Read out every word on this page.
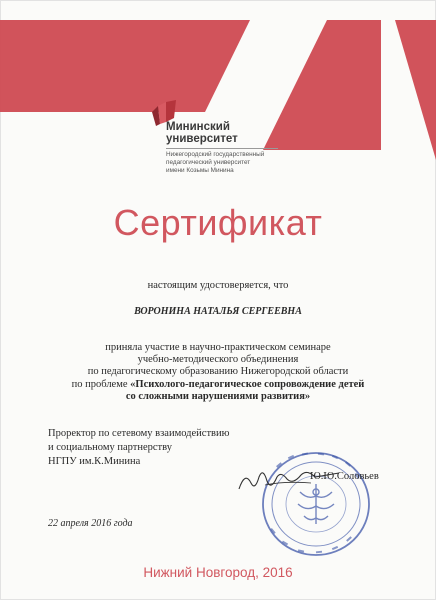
Мининский
университет
Нижегородский государственный
педагогический университет
имени Козьмы Минина
Сертификат
настоящим удостоверяется, что
ВОРОНИНА НАТАЛЬЯ СЕРГЕЕВНА
приняла участие в научно-практическом семинаре
учебно-методического объединения
по педагогическому образованию Нижегородской области
по проблеме «Психолого-педагогическое сопровождение детей
со сложными нарушениями развития»
Проректор по сетевому взаимодействию
и социальному партнерству
НГПУ им.К.Минина
Ю.Ю.Соловьев
22 апреля 2016 года
Нижний Новгород, 2016
